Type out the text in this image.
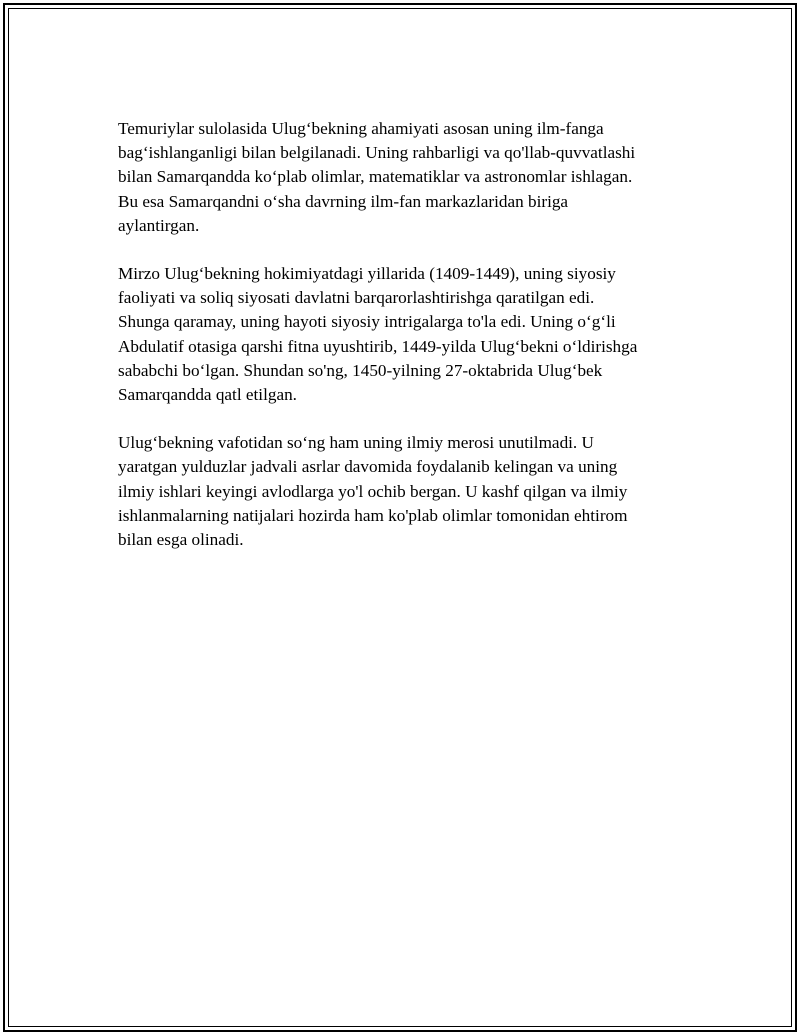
Temuriylar sulolasida Ulug‘bekning ahamiyati asosan uning ilm-fanga
bag‘ishlanganligi bilan belgilanadi. Uning rahbarligi va qo'llab-quvvatlashi
bilan Samarqandda ko‘plab olimlar, matematiklar va astronomlar ishlagan.
Bu esa Samarqandni o‘sha davrning ilm-fan markazlaridan biriga
aylantirgan.

Mirzo Ulug‘bekning hokimiyatdagi yillarida (1409-1449), uning siyosiy
faoliyati va soliq siyosati davlatni barqarorlashtirishga qaratilgan edi.
Shunga qaramay, uning hayoti siyosiy intrigalarga to'la edi. Uning o‘g‘li
Abdulatif otasiga qarshi fitna uyushtirib, 1449-yilda Ulug‘bekni o‘ldirishga
sababchi bo‘lgan. Shundan so'ng, 1450-yilning 27-oktabrida Ulug‘bek
Samarqandda qatl etilgan.

Ulug‘bekning vafotidan so‘ng ham uning ilmiy merosi unutilmadi. U
yaratgan yulduzlar jadvali asrlar davomida foydalanib kelingan va uning
ilmiy ishlari keyingi avlodlarga yo'l ochib bergan. U kashf qilgan va ilmiy
ishlanmalarning natijalari hozirda ham ko'plab olimlar tomonidan ehtirom
bilan esga olinadi.
